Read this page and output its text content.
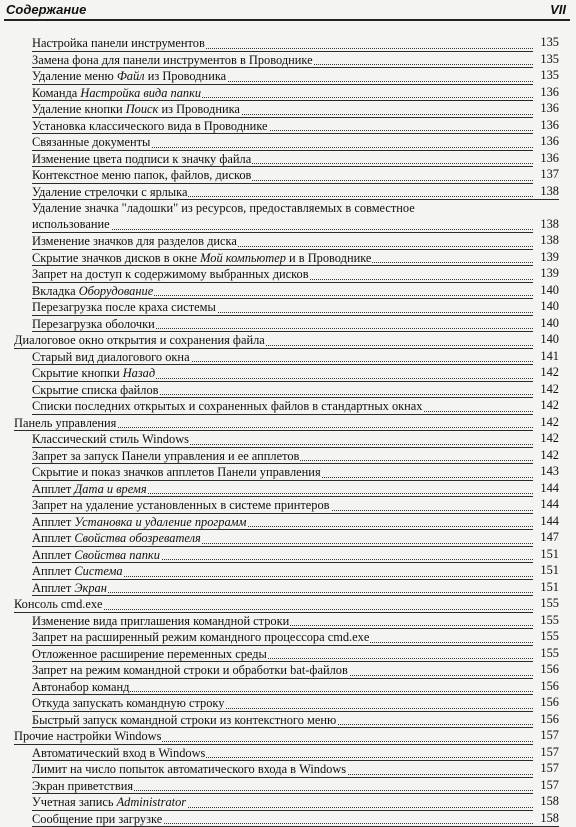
Содержание	VII
Настройка панели инструментов	135
Замена фона для панели инструментов в Проводнике	135
Удаление меню Файл из Проводника	135
Команда Настройка вида папки	136
Удаление кнопки Поиск из Проводника	136
Установка классического вида в Проводнике	136
Связанные документы	136
Изменение цвета подписи к значку файла	136
Контекстное меню папок, файлов, дисков	137
Удаление стрелочки с ярлыка	138
Удаление значка "ладошки" из ресурсов, предоставляемых в совместное
использование	138
Изменение значков для разделов диска	138
Скрытие значков дисков в окне Мой компьютер и в Проводнике	139
Запрет на доступ к содержимому выбранных дисков	139
Вкладка Оборудование	140
Перезагрузка после краха системы	140
Перезагрузка оболочки	140
Диалоговое окно открытия и сохранения файла	140
Старый вид диалогового окна	141
Скрытие кнопки Назад	142
Скрытие списка файлов	142
Списки последних открытых и сохраненных файлов в стандартных окнах	142
Панель управления	142
Классический стиль Windows	142
Запрет за запуск Панели управления и ее апплетов	142
Скрытие и показ значков апплетов Панели управления	143
Апплет Дата и время	144
Запрет на удаление установленных в системе принтеров	144
Апплет Установка и удаление программ	144
Апплет Свойства обозревателя	147
Апплет Свойства папки	151
Апплет Система	151
Апплет Экран	151
Консоль cmd.exe	155
Изменение вида приглашения командной строки	155
Запрет на расширенный режим командного процессора cmd.exe	155
Отложенное расширение переменных среды	155
Запрет на режим командной строки и обработки bat-файлов	156
Автонабор команд	156
Откуда запускать командную строку	156
Быстрый запуск командной строки из контекстного меню	156
Прочие настройки Windows	157
Автоматический вход в Windows	157
Лимит на число попыток автоматического входа в Windows	157
Экран приветствия	157
Учетная запись Administrator	158
Сообщение при загрузке	158
